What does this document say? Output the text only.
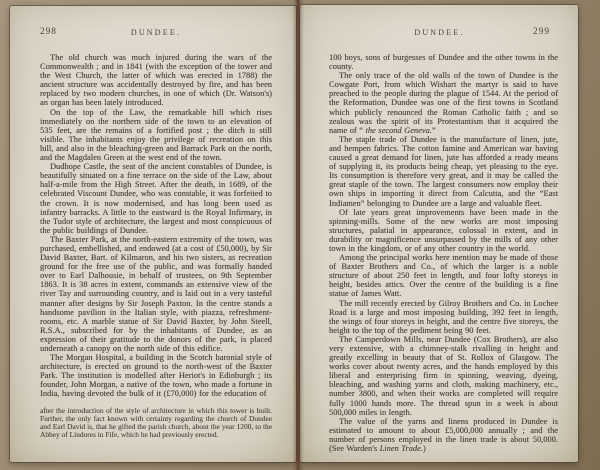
298	DUNDEE.

The old church was much injured during the wars of the Commonwealth ; and in 1841 (with the exception of the tower and the West Church, the latter of which was erected in 1788) the ancient structure was accidentally destroyed by fire, and has been replaced by two modern churches, in one of which (Dr. Watson's) an organ has been lately introduced.

On the top of the Law, the remarkable hill which rises immediately on the northern side of the town to an elevation of 535 feet, are the remains of a fortified post ; the ditch is still visible. The inhabitants enjoy the privilege of recreation on this hill, and also in the bleaching-green and Barrack Park on the north, and the Magdalen Green at the west end of the town.

Dudhope Castle, the seat of the ancient constables of Dundee, is beautifully situated on a fine terrace on the side of the Law, about half-a-mile from the High Street. After the death, in 1689, of the celebrated Viscount Dundee, who was constable, it was forfeited to the crown. It is now modernised, and has long been used as infantry barracks. A little to the eastward is the Royal Infirmary, in the Tudor style of architecture, the largest and most conspicuous of the public buildings of Dundee.

The Baxter Park, at the north-eastern extremity of the town, was purchased, embellished, and endowed (at a cost of £50,000), by Sir David Baxter, Bart. of Kilmaron, and his two sisters, as recreation ground for the free use of the public, and was formally handed over to Earl Dalhousie, in behalf of trustees, on 9th September 1863. It is 38 acres in extent, commands an extensive view of the river Tay and surrounding country, and is laid out in a very tasteful manner after designs by Sir Joseph Paxton. In the centre stands a handsome pavilion in the Italian style, with piazza, refreshment-rooms, etc. A marble statue of Sir David Baxter, by John Steell, R.S.A., subscribed for by the inhabitants of Dundee, as an expression of their gratitude to the donors of the park, is placed underneath a canopy on the north side of this edifice.

The Morgan Hospital, a building in the Scotch baronial style of architecture, is erected on ground to the north-west of the Baxter Park. The institution is modelled after Heriot's in Edinburgh ; its founder, John Morgan, a native of the town, who made a fortune in India, having devoted the bulk of it (£70,000) for the education of

after the introduction of the style of architecture in which this tower is built. Further, the only fact known with certainty regarding the church of Dundee and Earl David is, that he gifted the parish church, about the year 1200, to the Abbey of Lindores in Fife, which he had previously erected.

DUNDEE.	299

100 boys, sons of burgesses of Dundee and the other towns in the county.

The only trace of the old walls of the town of Dundee is the Cowgate Port, from which Wishart the martyr is said to have preached to the people during the plague of 1544. At the period of the Reformation, Dundee was one of the first towns in Scotland which publicly renounced the Roman Catholic faith ; and so zealous was the spirit of its Protestantism that it acquired the name of “ the second Geneva.”

The staple trade of Dundee is the manufacture of linen, jute, and hempen fabrics. The cotton famine and American war having caused a great demand for linen, jute has afforded a ready means of supplying it, its products being cheap, yet pleasing to the eye. Its consumption is therefore very great, and it may be called the great staple of the town. The largest consumers now employ their own ships in importing it direct from Calcutta, and the “East Indiamen” belonging to Dundee are a large and valuable fleet.

Of late years great improvements have been made in the spinning-mills. Some of the new works are most imposing structures, palatial in appearance, colossal in extent, and in durability or magnificence unsurpassed by the mills of any other town in the kingdom, or of any other country in the world.

Among the principal works here mention may be made of those of Baxter Brothers and Co., of which the larger is a noble structure of about 250 feet in length, and four lofty storeys in height, besides attics. Over the centre of the building is a fine statue of James Watt.

The mill recently erected by Gilroy Brothers and Co. in Lochee Road is a large and most imposing building, 392 feet in length, the wings of four storeys in height, and the centre five storeys, the height to the top of the pediment being 90 feet.

The Camperdown Mills, near Dundee (Cox Brothers), are also very extensive, with a chimney-stalk rivalling in height and greatly excelling in beauty that of St. Rollox of Glasgow. The works cover about twenty acres, and the hands employed by this liberal and enterprising firm in spinning, weaving, dyeing, bleaching, and washing yarns and cloth, making machinery, etc., number 3800, and when their works are completed will require fully 1000 hands more. The thread spun in a week is about 500,000 miles in length.

The value of the yarns and linens produced in Dundee is estimated to amount to about £5,000,000 annually ; and the number of persons employed in the linen trade is about 50,000. (See Warden's Linen Trade.)
